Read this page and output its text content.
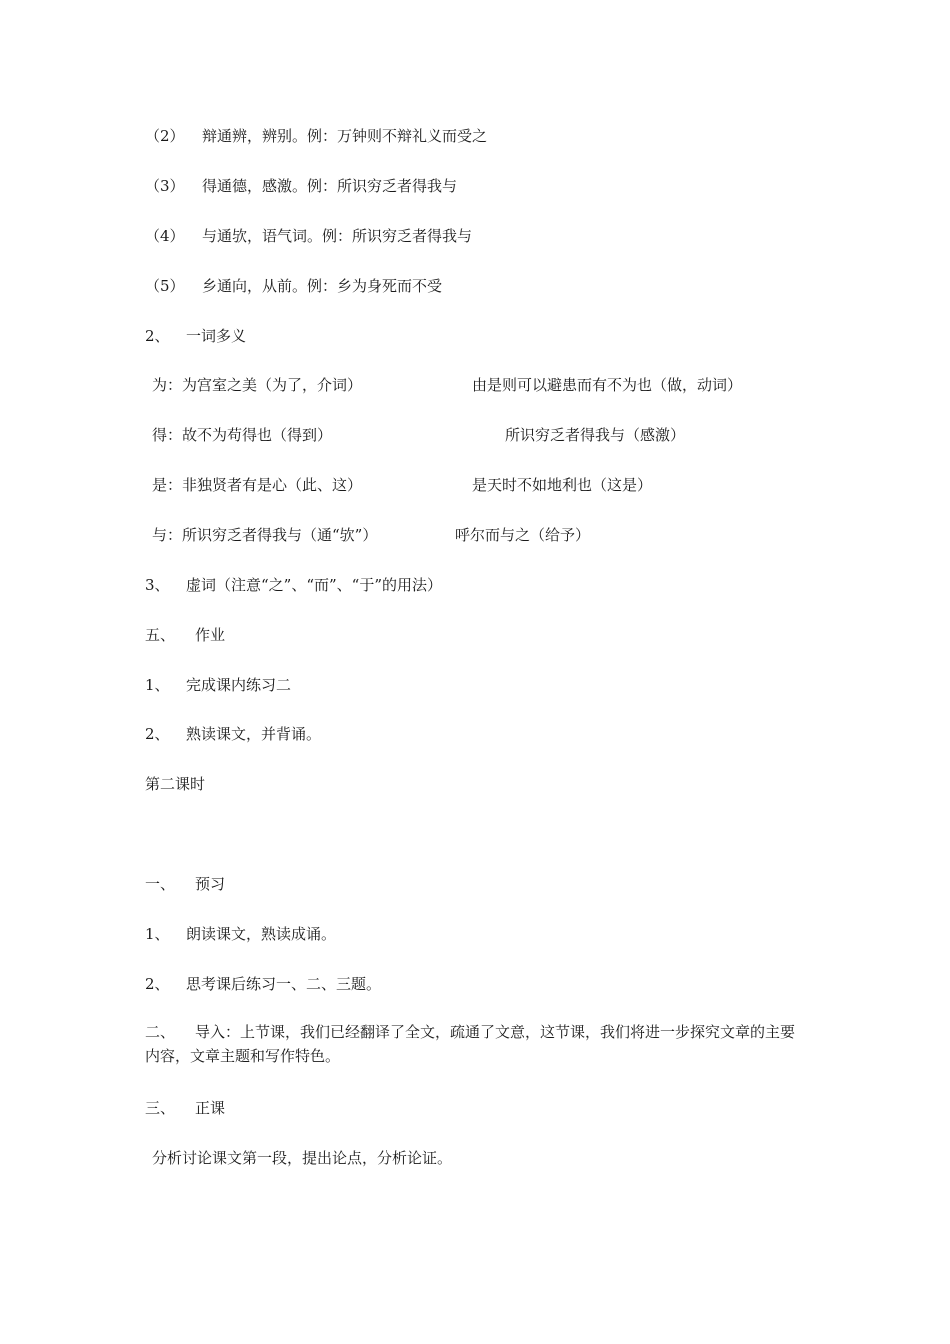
（2） 辩通辨，辨别。例：万钟则不辩礼义而受之
（3） 得通德，感激。例：所识穷乏者得我与
（4） 与通欤，语气词。例：所识穷乏者得我与
（5） 乡通向，从前。例：乡为身死而不受
2、 一词多义
为：为宫室之美（为了，介词）	由是则可以避患而有不为也（做，动词）
得：故不为苟得也（得到）	所识穷乏者得我与（感激）
是：非独贤者有是心（此、这）	是天时不如地利也（这是）
与：所识穷乏者得我与（通“欤”）	呼尔而与之（给予）
3、 虚词（注意“之”、“而”、“于”的用法）
五、 作业
1、 完成课内练习二
2、 熟读课文，并背诵。
第二课时
一、 预习
1、 朗读课文，熟读成诵。
2、 思考课后练习一、二、三题。
二、 导入：上节课，我们已经翻译了全文，疏通了文意，这节课，我们将进一步探究文章的主要内容，文章主题和写作特色。
三、 正课
分析讨论课文第一段，提出论点，分析论证。
